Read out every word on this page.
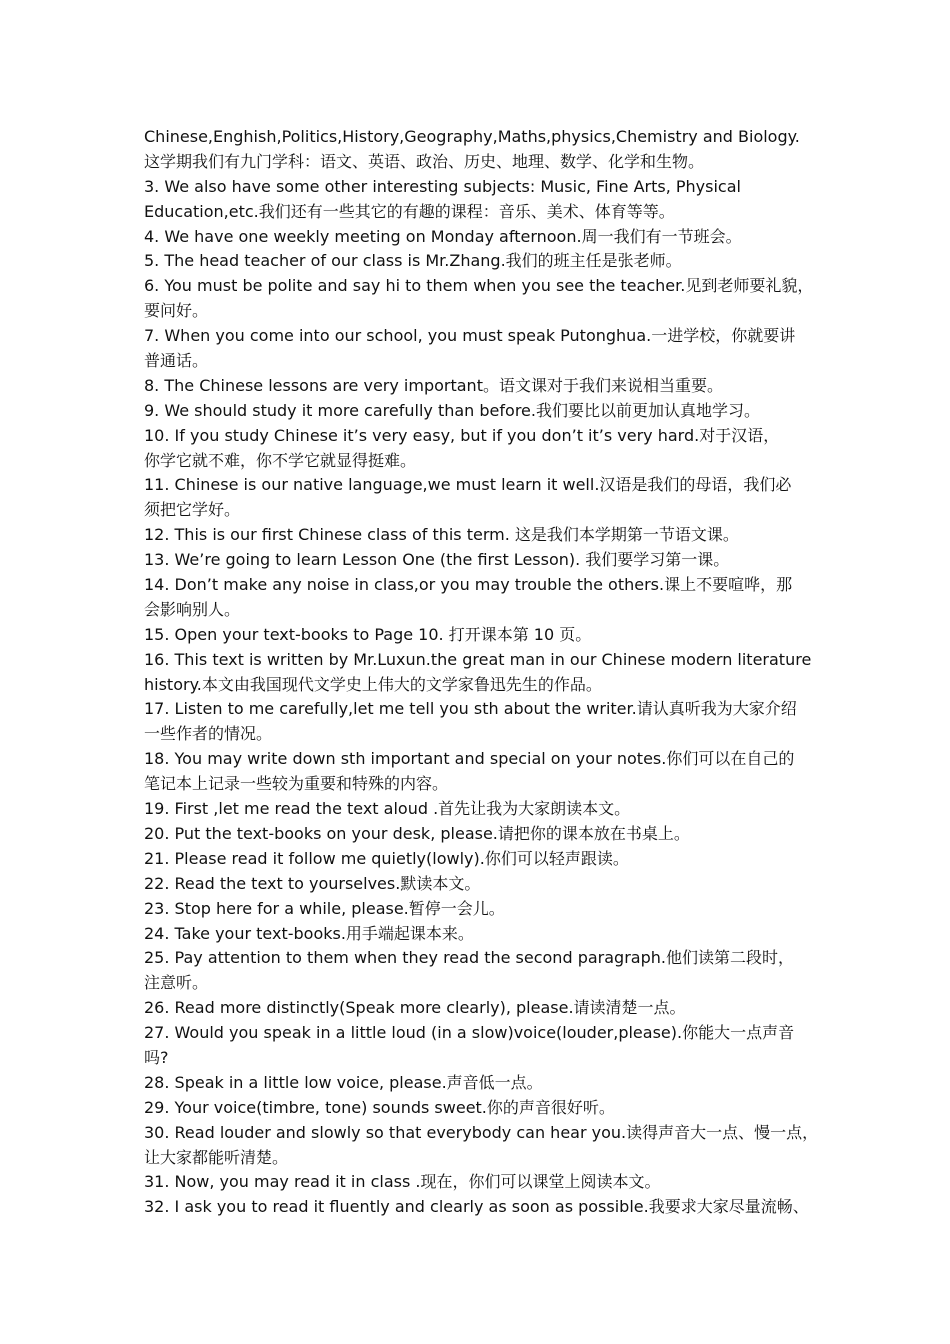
Chinese,Enghish,Politics,History,Geography,Maths,physics,Chemistry and Biology.
这学期我们有九门学科：语文、英语、政治、历史、地理、数学、化学和生物。
3. We also have some other interesting subjects: Music, Fine Arts, Physical
Education,etc.我们还有一些其它的有趣的课程：音乐、美术、体育等等。
4. We have one weekly meeting on Monday afternoon.周一我们有一节班会。
5. The head teacher of our class is Mr.Zhang.我们的班主任是张老师。
6. You must be polite and say hi to them when you see the teacher.见到老师要礼貌，
要问好。
7. When you come into our school, you must speak Putonghua.一进学校，你就要讲
普通话。
8. The Chinese lessons are very important。语文课对于我们来说相当重要。
9. We should study it more carefully than before.我们要比以前更加认真地学习。
10. If you study Chinese it’s very easy, but if you don’t it’s very hard.对于汉语，
你学它就不难，你不学它就显得挺难。
11. Chinese is our native language,we must learn it well.汉语是我们的母语，我们必
须把它学好。
12. This is our first Chinese class of this term. 这是我们本学期第一节语文课。
13. We’re going to learn Lesson One (the first Lesson). 我们要学习第一课。
14. Don’t make any noise in class,or you may trouble the others.课上不要喧哗，那
会影响别人。
15. Open your text-books to Page 10. 打开课本第 10 页。
16. This text is written by Mr.Luxun.the great man in our Chinese modern literature
history.本文由我国现代文学史上伟大的文学家鲁迅先生的作品。
17. Listen to me carefully,let me tell you sth about the writer.请认真听我为大家介绍
一些作者的情况。
18. You may write down sth important and special on your notes.你们可以在自己的
笔记本上记录一些较为重要和特殊的内容。
19. First ,let me read the text aloud .首先让我为大家朗读本文。
20. Put the text-books on your desk, please.请把你的课本放在书桌上。
21. Please read it follow me quietly(lowly).你们可以轻声跟读。
22. Read the text to yourselves.默读本文。
23. Stop here for a while, please.暂停一会儿。
24. Take your text-books.用手端起课本来。
25. Pay attention to them when they read the second paragraph.他们读第二段时，
注意听。
26. Read more distinctly(Speak more clearly), please.请读清楚一点。
27. Would you speak in a little loud (in a slow)voice(louder,please).你能大一点声音
吗?
28. Speak in a little low voice, please.声音低一点。
29. Your voice(timbre, tone) sounds sweet.你的声音很好听。
30. Read louder and slowly so that everybody can hear you.读得声音大一点、慢一点，
让大家都能听清楚。
31. Now, you may read it in class .现在，你们可以课堂上阅读本文。
32. I ask you to read it fluently and clearly as soon as possible.我要求大家尽量流畅、
